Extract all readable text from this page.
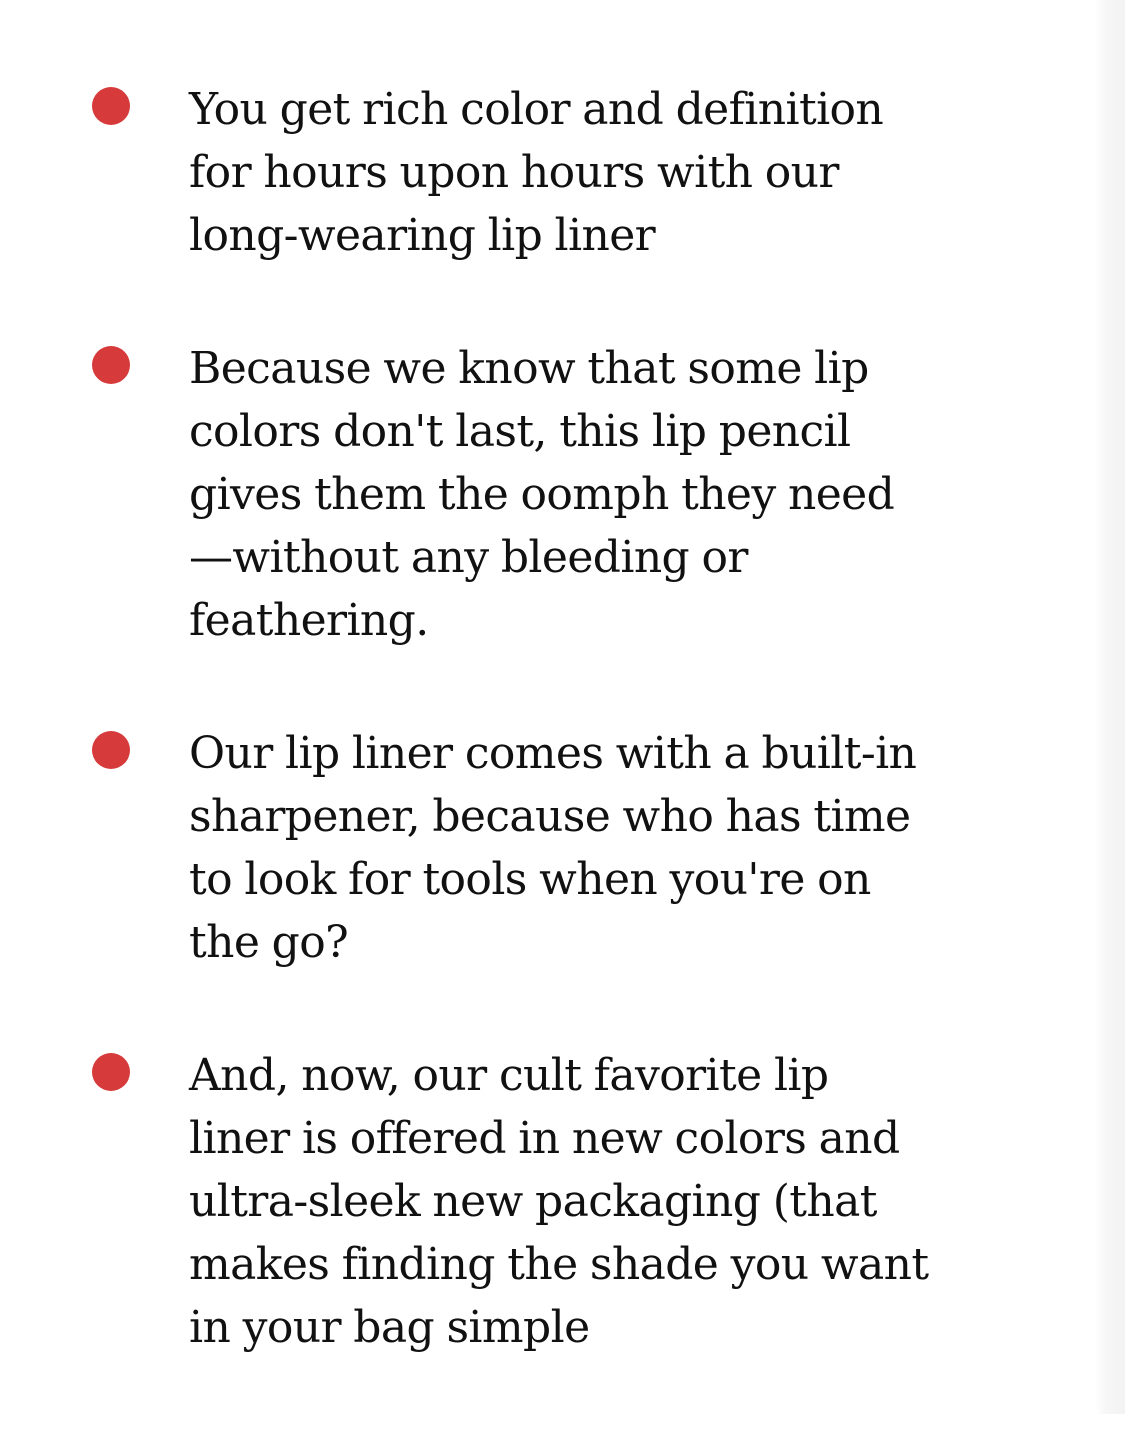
You get rich color and definition for hours upon hours with our long-wearing lip liner
Because we know that some lip colors don't last, this lip pencil gives them the oomph they need—without any bleeding or feathering.
Our lip liner comes with a built-in sharpener, because who has time to look for tools when you're on the go?
And, now, our cult favorite lip liner is offered in new colors and ultra-sleek new packaging (that makes finding the shade you want in your bag simple
